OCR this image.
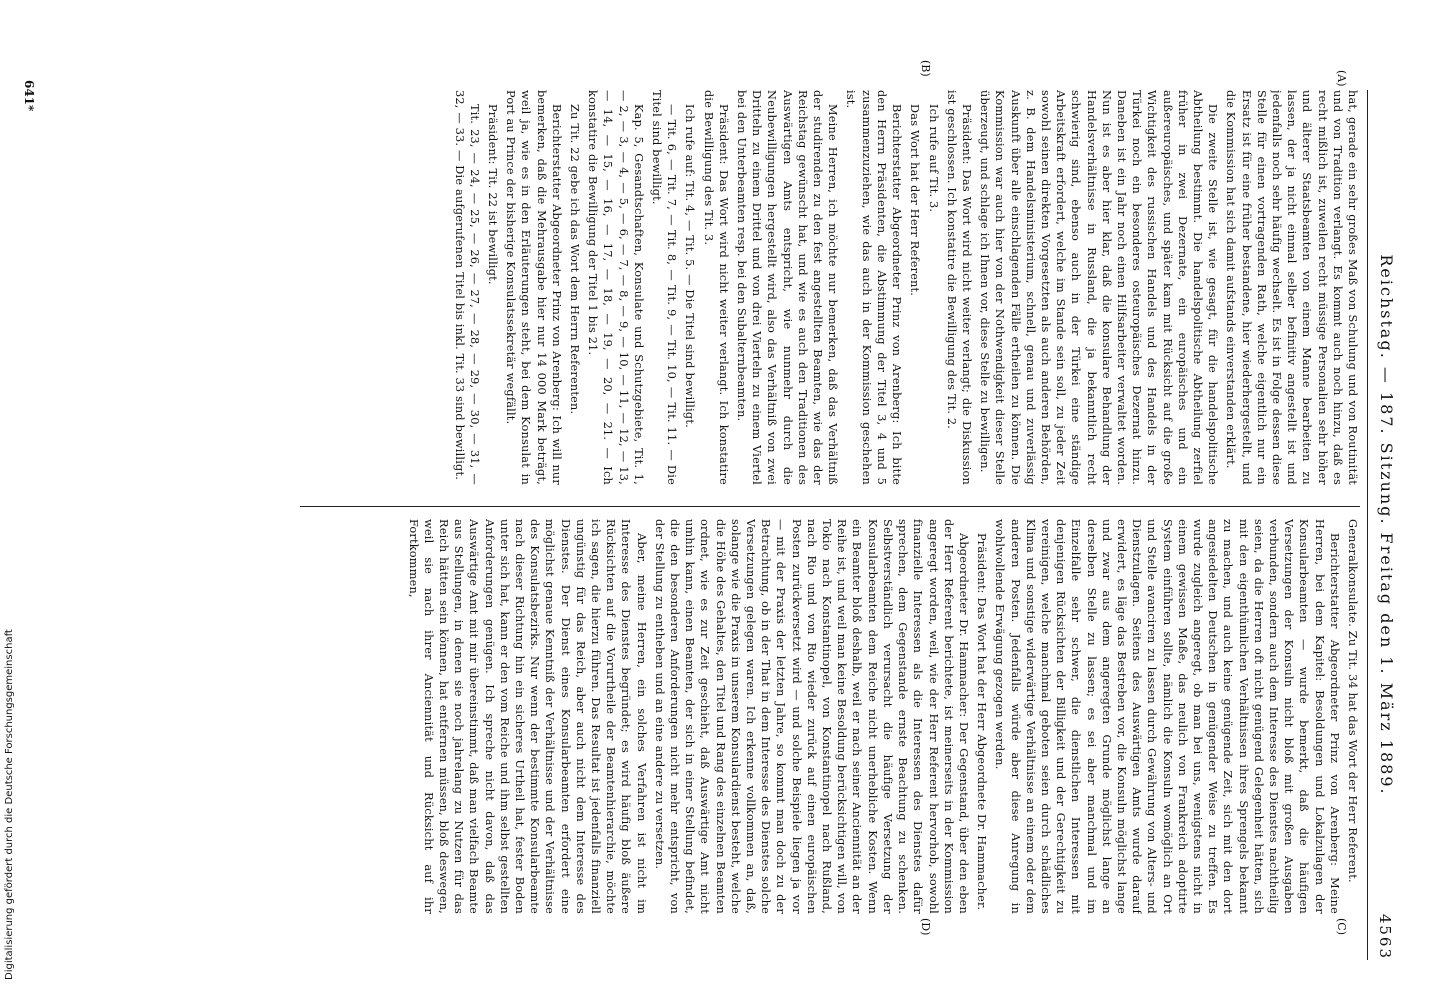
Reichstag. — 187. Sitzung. Freitag den 1. März 1889.
4563
(A)
(B)
(C)
(D)

hat, gerade ein sehr großes Maß von Schulung und von Routinität und von Tradition verlangt. Es kommt auch noch hinzu, daß es recht mißlich ist, zuweilen recht müssige Personalien sehr höher und älterer Staatsbeamten von einem Manne bearbeiten zu lassen, der ja nicht einmal selber befinitiv angestellt ist und jedenfalls noch sehr häufig wechselt. Es ist in Folge dessen diese Stelle für einen vortragenden Rath, welche eigentlich nur ein Ersatz ist für eine früher bestandene, hier wiederhergestellt, und die Kommission hat sich damit aufstands einverstanden erklärt.

Die zweite Stelle ist, wie gesagt, für die handelspolitische Abtheilung bestimmt. Die handelspolitische Abtheilung zerfiel früher in zwei Dezernate, ein europäisches und ein außereuropäisches, und später kam mit Rücksicht auf die große Wichtigkeit des russischen Handels und des Handels in der Türkei noch ein besonderes osteuropäisches Dezernat hinzu. Daneben ist ein Jahr noch einen Hilfsarbeiter verwaltet worden. Nun ist es aber hier klar, daß die konsulare Behandlung der Handelsverhältnisse in Russland, die ja bekanntlich recht schwierig sind, ebenso auch in der Türkei eine ständige Arbeitskraft erfordert, welche im Stande sein soll, zu jeder Zeit sowohl seinen direkten Vorgesetzten als auch anderen Behörden, z. B. dem Handelsministerium, schnell, genau und zuverlässig Auskunft über alle einschlagenden Fälle ertheilen zu können. Die Kommission war auch hier von der Nothwendigkeit dieser Stelle überzeugt, und schlage ich Ihnen vor, diese Stelle zu bewilligen.

Präsident: Das Wort wird nicht weiter verlangt; die Diskussion ist geschlossen. Ich konstatire die Bewilligung des Tit. 2.

Ich rufe auf Tit. 3.

Das Wort hat der Herr Referent.

Berichterstatter Abgeordneter Prinz von Arenberg: Ich bitte den Herrn Präsidenten, die Abstimmung der Titel 3, 4 und 5 zusammenzuziehen, wie das auch in der Kommission geschehen ist.

Meine Herren, ich möchte nur bemerken, daß das Verhältniß der studirenden zu den fest angestellten Beamten, wie das der Reichstag gewünscht hat, und wie es auch den Traditionen des Auswärtigen Amts entspricht, wie nunmehr durch die Neubewilligungen hergestellt wird, also das Verhältniß von zwei Dritteln zu einem Drittel und von drei Vierteln zu einem Viertel bei den Unterbeamten resp. bei den Subalternbeamten.

Präsident: Das Wort wird nicht weiter verlangt. Ich konstatire die Bewilligung des Tit. 3.

Ich rufe auf: Tit. 4, — Tit. 5. — Die Titel sind bewilligt.

— Tit. 6, — Tit. 7, — Tit. 8, — Tit. 9, — Tit. 10, — Tit. 11. — Die Titel sind bewilligt.

Kap. 5, Gesandtschaften, Konsulate und Schutzgebiete, Tit. 1, — 2, — 3, — 4, — 5, — 6, — 7, — 8, — 9, — 10, — 11, — 12, — 13, — 14, — 15, — 16, — 17, — 18, — 19, — 20, — 21. — Ich konstatire die Bewilligung der Titel 1 bis 21.

Zu Tit. 22 gebe ich das Wort dem Herrn Referenten.

Berichterstatter Abgeordneter Prinz von Arenberg: Ich will nur bemerken, daß die Mehrausgabe hier nur 14 000 Mark beträgt, weil ja, wie es in den Erläuterungen steht, bei dem Konsulat in Port au Prince der bisherige Konsulatssekretär wegfällt.

Präsident: Tit. 22 ist bewilligt.

Tit. 23, — 24, — 25, — 26, — 27, — 28, — 29, — 30, — 31, — 32, — 33. — Die aufgerufenen Titel bis inkl. Tit. 33 sind bewilligt.

Generalkonsulate. Zu Tit. 34 hat das Wort der Herr Referent.

Berichterstatter Abgeordneter Prinz von Arenberg: Meine Herren, bei dem Kapitel: Besoldungen und Lokalzulagen der Konsularbeamten — wurde bemerkt, daß die häufigen Versetzungen der Konsuln nicht bloß mit großen Ausgaben verbunden, sondern auch dem Interesse des Dienstes nachtheilig seien, da die Herren oft nicht genügend Gelegenheit hätten, sich mit den eigenthümlichen Verhältnissen ihres Sprengels bekannt zu machen, und auch keine genügende Zeit, sich mit den dort angesiedelten Deutschen in genügender Weise zu treffen. Es wurde zugleich angeregt, ob man bei uns, wenigstens nicht in einem gewissen Maße, das neulich von Frankreich adoptirte System einführen sollte, nämlich die Konsuln womöglich an Ort und Stelle avanciren zu lassen durch Gewährung von Alters- und Dienstzulagen. Seitens des Auswärtigen Amts wurde darauf erwidert, es läge das Bestreben vor, die Konsuln möglichst lange und zwar aus dem angeregten Grunde möglichst lange an derselben Stelle zu lassen; es sei aber manchmal und im Einzelfalle sehr schwer, die dienstlichen Interessen mit denjenigen Rücksichten der Billigkeit und der Gerechtigkeit zu vereinigen, welche manchmal geboten seien durch schädliches Klima und sonstige widerwärtige Verhältnisse an einem oder dem anderen Posten. Jedenfalls würde aber diese Anregung in wohlwollende Erwägung gezogen werden.

Präsident: Das Wort hat der Herr Abgeordnete Dr. Hammacher.

Abgeordneter Dr. Hammacher: Der Gegenstand, über den eben der Herr Referent berichtete, ist meinerseits in der Kommission angeregt worden, weil, wie der Herr Referent hervorhob, sowohl finanzielle Interessen als die Interessen des Dienstes dafür sprechen, dem Gegenstande ernste Beachtung zu schenken. Selbstverständlich verursacht die häufige Versetzung der Konsularbeamten dem Reiche nicht unerhebliche Kosten. Wenn ein Beamter bloß deshalb, weil er nach seiner Anciennität an der Reihe ist, und weil man keine Besoldung berücksichtigen will, von Tokio nach Konstantinopel, von Konstantinopel nach Rußland, nach Rio und von Rio wieder zurück auf einen europäischen Posten zurückversetzt wird — und solche Beispiele liegen ja vor — mit der Praxis der letzten Jahre, so kommt man doch zu der Betrachtung, ob in der That in dem Interesse des Dienstes solche Versetzungen gelegen waren. Ich erkenne vollkommen an, daß, solange wie die Praxis in unserem Konsulardienst besteht, welche die Höhe des Gehaltes, den Titel und Rang des einzelnen Beamten ordnet, wie es zur Zeit geschieht, daß Auswärtige Amt nicht umhin kann, einen Beamten, der sich in einer Stellung befindet, die den besonderen Anforderungen nicht mehr entspricht, von der Stellung zu entheben und an eine andere zu versetzen.

Aber, meine Herren, ein solches Verfahren ist nicht im Interesse des Dienstes begründet; es wird häufig bloß äußere Rücksichten auf die Vorurtheile der Beamtenhierarchie, möchte ich sagen, die hierzu führen. Das Resultat ist jedenfalls finanziell ungünstig für das Reich, aber auch nicht dem Interesse des Dienstes. Der Dienst eines Konsularbeamten erfordert eine möglichst genaue Kenntniß der Verhältnisse und der Verhältnisse des Konsulatsbezirks. Nur wenn der bestimmte Konsularbeamte nach dieser Richtung hin ein sicheres Urtheil hat, fester Boden unter sich hat, kann er den vom Reiche und ihm selbst gestellten Anforderungen genügen. Ich spreche nicht davon, daß das Auswärtige Amt mit mir übereinstimmt, daß man vielfach Beamte aus Stellungen, in denen sie noch jahrelang zu Nutzen für das Reich hätten sein können, hat entfernen müssen, bloß deswegen, weil sie nach ihrer Anciennität und Rücksicht auf ihr Fortkommen,

641*
Digitalisierung gefördert durch die Deutsche Forschungsgemeinschaft
